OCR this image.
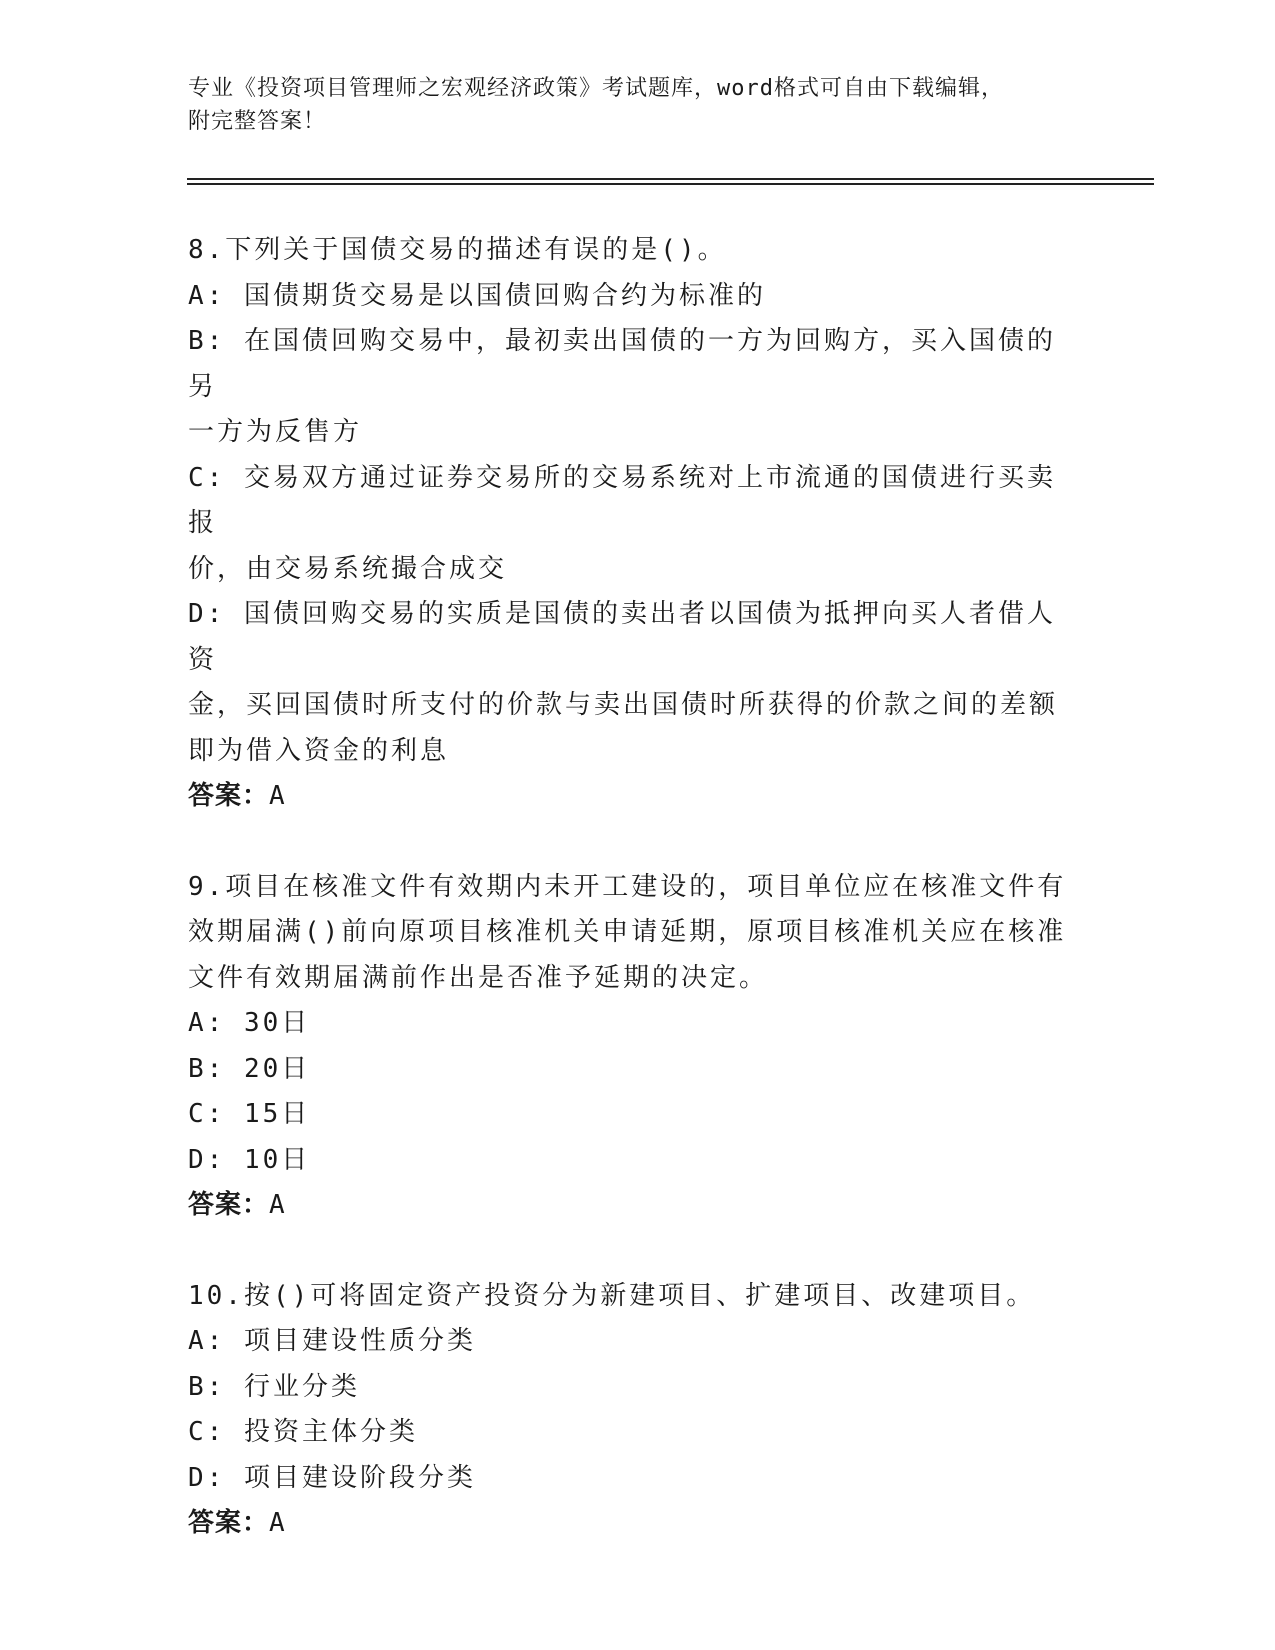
专业《投资项目管理师之宏观经济政策》考试题库，word格式可自由下载编辑，
附完整答案！
8.下列关于国债交易的描述有误的是()。
A: 国债期货交易是以国债回购合约为标准的
B: 在国债回购交易中，最初卖出国债的一方为回购方，买入国债的另
一方为反售方
C: 交易双方通过证券交易所的交易系统对上市流通的国债进行买卖报
价，由交易系统撮合成交
D: 国债回购交易的实质是国债的卖出者以国债为抵押向买人者借人资
金，买回国债时所支付的价款与卖出国债时所获得的价款之间的差额
即为借入资金的利息
答案：A
9.项目在核准文件有效期内未开工建设的，项目单位应在核准文件有
效期届满()前向原项目核准机关申请延期，原项目核准机关应在核准
文件有效期届满前作出是否准予延期的决定。
A: 30日
B: 20日
C: 15日
D: 10日
答案：A
10.按()可将固定资产投资分为新建项目、扩建项目、改建项目。
A: 项目建设性质分类
B: 行业分类
C: 投资主体分类
D: 项目建设阶段分类
答案：A
